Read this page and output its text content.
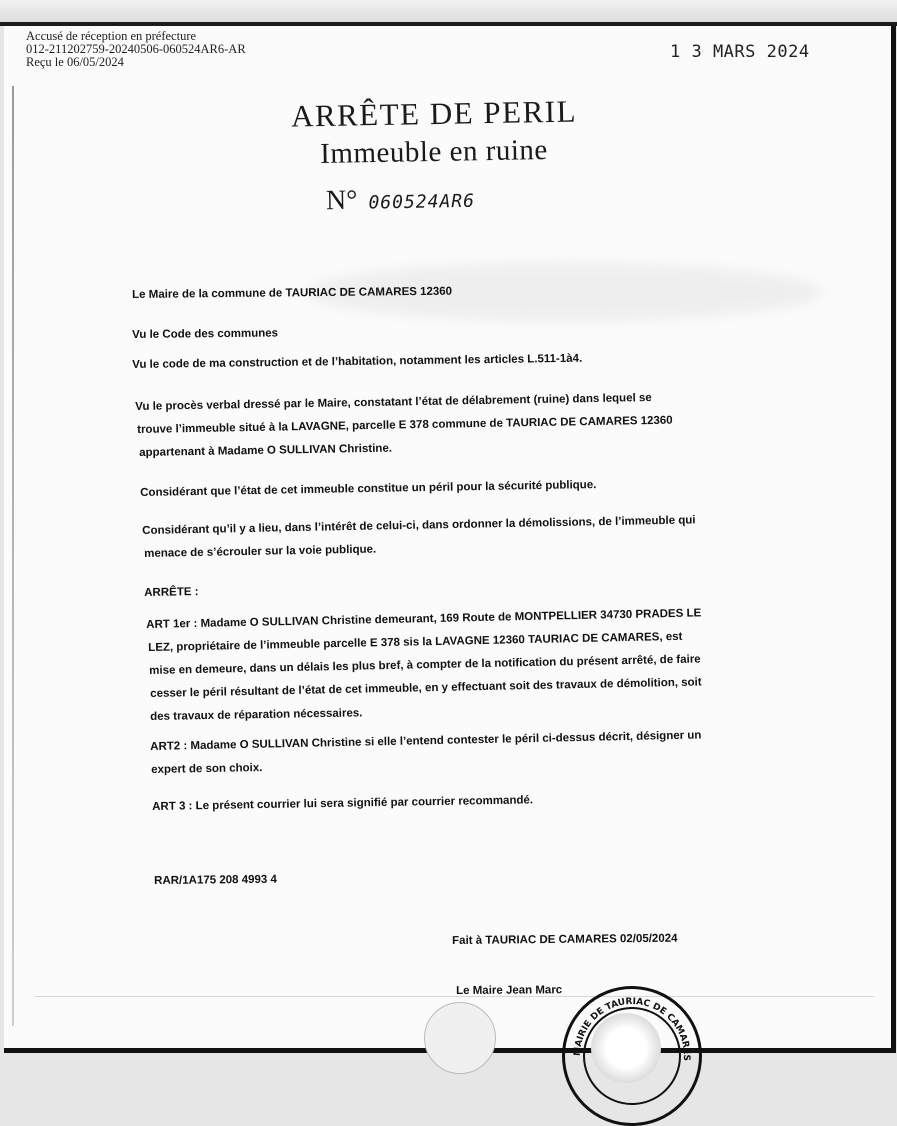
Accusé de réception en préfecture
012-211202759-20240506-060524AR6-AR
Reçu le 06/05/2024	1 3 MARS 2024
ARRÊTE DE PERIL
Immeuble en ruine
N° 060524AR6
Le Maire de la commune de TAURIAC DE CAMARES 12360
Vu le Code des communes
Vu le code de ma construction et de l’habitation, notamment les articles L.511-1à4.
Vu le procès verbal dressé par le Maire, constatant l’état de délabrement (ruine) dans lequel se
trouve l’immeuble situé à la LAVAGNE, parcelle E 378 commune de TAURIAC DE CAMARES 12360
appartenant à Madame O SULLIVAN Christine.
Considérant que l’état de cet immeuble constitue un péril pour la sécurité publique.
Considérant qu’il y a lieu, dans l’intérêt de celui-ci, dans ordonner la démolissions, de l’immeuble qui
menace de s’écrouler sur la voie publique.
ARRÊTE :
ART 1er : Madame O SULLIVAN Christine demeurant, 169 Route de MONTPELLIER 34730 PRADES LE
LEZ, propriétaire de l’immeuble parcelle E 378 sis la LAVAGNE 12360 TAURIAC DE CAMARES, est
mise en demeure, dans un délais les plus bref, à compter de la notification du présent arrêté, de faire
cesser le péril résultant de l’état de cet immeuble, en y effectuant soit des travaux de démolition, soit
des travaux de réparation nécessaires.
ART2 : Madame O SULLIVAN Christine si elle l’entend contester le péril ci-dessus décrit, désigner un
expert de son choix.
ART 3 : Le présent courrier lui sera signifié par courrier recommandé.
RAR/1A175 208 4993 4
Fait à TAURIAC DE CAMARES 02/05/2024
Le Maire Jean Marc
MAIRIE DE TAURIAC DE CAMARES
